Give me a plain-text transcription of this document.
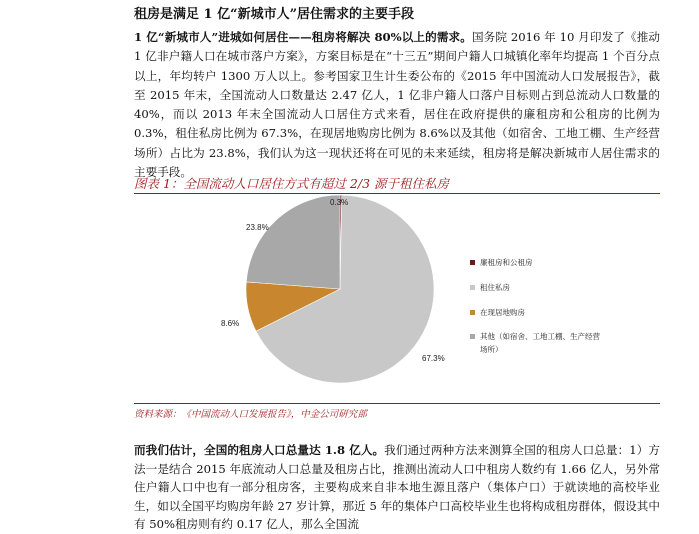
租房是满足 1 亿“新城市人”居住需求的主要手段
1 亿“新城市人”进城如何居住——租房将解决 80%以上的需求。国务院 2016 年 10 月印发了《推动 1 亿非户籍人口在城市落户方案》，方案目标是在“十三五”期间户籍人口城镇化率年均提高 1 个百分点以上，年均转户 1300 万人以上。参考国家卫生计生委公布的《2015 年中国流动人口发展报告》，截至 2015 年末，全国流动人口数量达 2.47 亿人，1 亿非户籍人口落户目标则占到总流动人口数量的 40%，而以 2013 年末全国流动人口居住方式来看，居住在政府提供的廉租房和公租房的比例为 0.3%，租住私房比例为 67.3%，在现居地购房比例为 8.6%以及其他（如宿舍、工地工棚、生产经营场所）占比为 23.8%，我们认为这一现状还将在可见的未来延续，租房将是解决新城市人居住需求的主要手段。
图表 1：全国流动人口居住方式有超过 2/3 源于租住私房
0.3%
67.3%
8.6%
23.8%
廉租房和公租房
租住私房
在现居地购房
其他（如宿舍、工地工棚、生产经营场所）
资料来源：《中国流动人口发展报告》，中金公司研究部
而我们估计，全国的租房人口总量达 1.8 亿人。我们通过两种方法来测算全国的租房人口总量：1）方法一是结合 2015 年底流动人口总量及租房占比，推测出流动人口中租房人数约有 1.66 亿人，另外常住户籍人口中也有一部分租房客，主要构成来自非本地生源且落户（集体户口）于就读地的高校毕业生，如以全国平均购房年龄 27 岁计算，那近 5 年的集体户口高校毕业生也将构成租房群体，假设其中有 50%租房则有约 0.17 亿人，那么全国流
